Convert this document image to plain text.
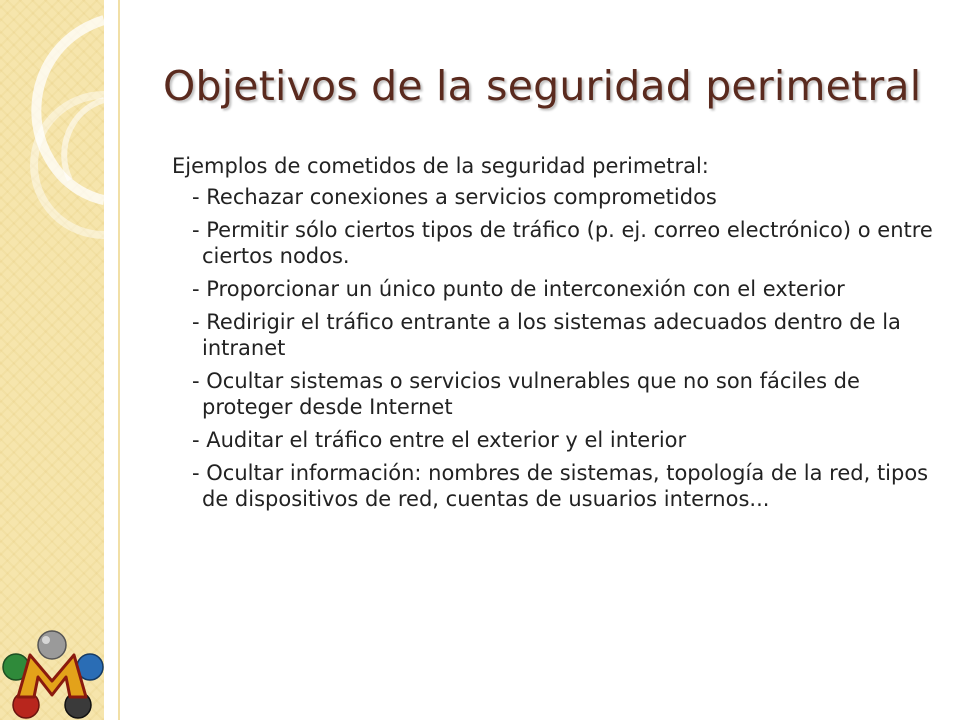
Objetivos de la seguridad perimetral

Ejemplos de cometidos de la seguridad perimetral:

- Rechazar conexiones a servicios comprometidos
- Permitir sólo ciertos tipos de tráfico (p. ej. correo electrónico) o entre ciertos nodos.
- Proporcionar un único punto de interconexión con el exterior
- Redirigir el tráfico entrante a los sistemas adecuados dentro de la intranet
- Ocultar sistemas o servicios vulnerables que no son fáciles de proteger desde Internet
- Auditar el tráfico entre el exterior y el interior
- Ocultar información: nombres de sistemas, topología de la red, tipos de dispositivos de red, cuentas de usuarios internos...
